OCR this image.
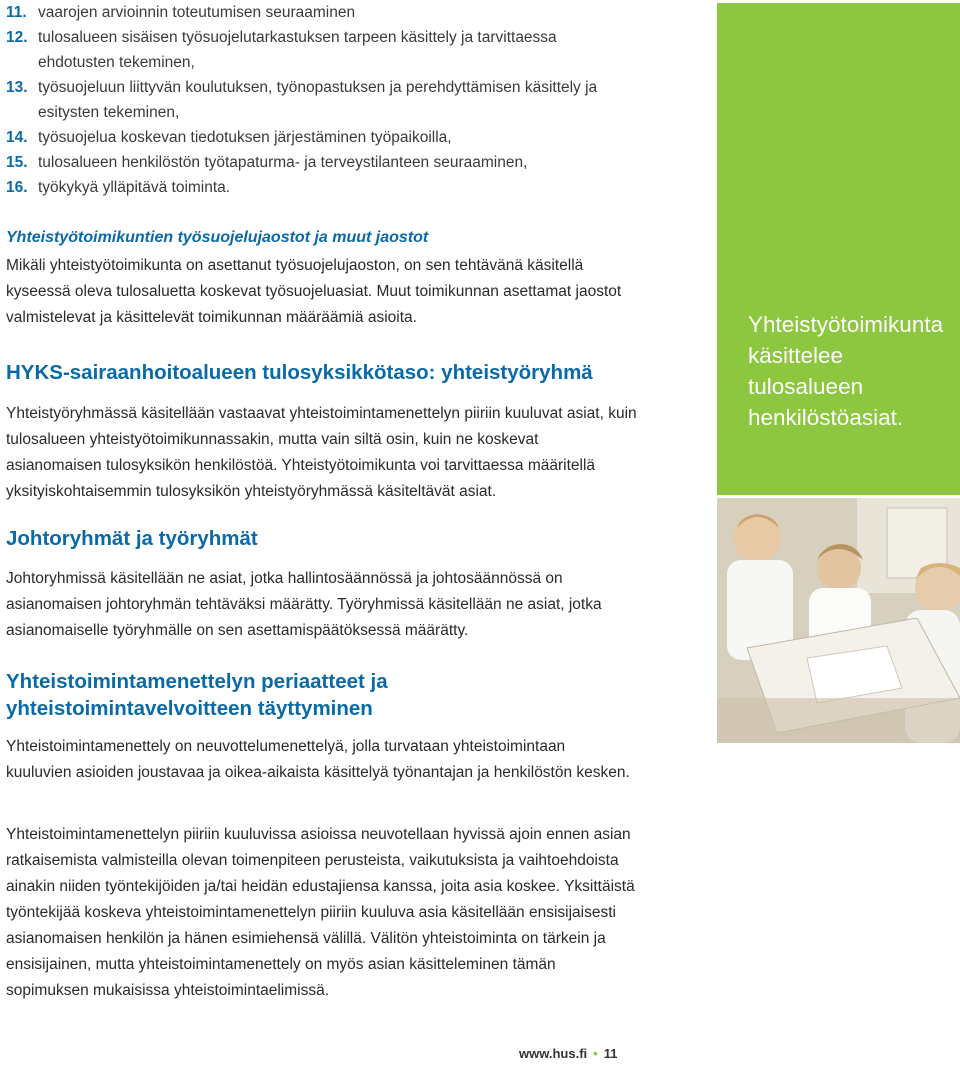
11. vaarojen arvioinnin toteutumisen seuraaminen
12. tulosalueen sisäisen työsuojelutarkastuksen tarpeen käsittely ja tarvittaessa ehdotusten tekeminen,
13. työsuojeluun liittyvän koulutuksen, työnopastuksen ja perehdyttämisen käsittely ja esitysten tekeminen,
14. työsuojelua koskevan tiedotuksen järjestäminen työpaikoilla,
15. tulosalueen henkilöstön työtapaturma- ja terveystilanteen seuraaminen,
16. työkykyä ylläpitävä toiminta.
Yhteistyötoimikuntien työsuojelujaostot ja muut jaostot
Mikäli yhteistyötoimikunta on asettanut työsuojelujaoston, on sen tehtävänä käsitellä kyseessä oleva tulosaluetta koskevat työsuojeluasiat. Muut toimikunnan asettamat jaostot valmistelevat ja käsittelevät toimikunnan määräämiä asioita.
HYKS-sairaanhoitoalueen tulosyksikkötaso: yhteistyöryhmä
Yhteistyöryhmässä käsitellään vastaavat yhteistoimintamenettelyn piiriin kuuluvat asiat, kuin tulosalueen yhteistyötoimikunnassakin, mutta vain siltä osin, kuin ne koskevat asianomaisen tulosyksikön henkilöstöä. Yhteistyötoimikunta voi tarvittaessa määritellä yksityiskohtaisemmin tulosyksikön yhteistyöryhmässä käsiteltävät asiat.
Johtoryhmät ja työryhmät
Johtoryhmissä käsitellään ne asiat, jotka hallintosäännössä ja johtosäännössä on asianomaisen johtoryhmän tehtäväksi määrätty. Työryhmissä käsitellään ne asiat, jotka asianomaiselle työryhmälle on sen asettamispäätöksessä määrätty.
Yhteistoimintamenettelyn periaatteet ja
yhteistoimintavelvoitteen täyttyminen
Yhteistoimintamenettely on neuvottelumenettelyä, jolla turvataan yhteistoimintaan kuuluvien asioiden joustavaa ja oikea-aikaista käsittelyä työnantajan ja henkilöstön kesken.
Yhteistoimintamenettelyn piiriin kuuluvissa asioissa neuvotellaan hyvissä ajoin ennen asian ratkaisemista valmisteilla olevan toimenpiteen perusteista, vaikutuksista ja vaihtoehdoista ainakin niiden työntekijöiden ja/tai heidän edustajiensa kanssa, joita asia koskee. Yksittäistä työntekijää koskeva yhteistoimintamenettelyn piiriin kuuluva asia käsitellään ensisijaisesti asianomaisen henkilön ja hänen esimiehensä välillä. Välitön yhteistoiminta on tärkein ja ensisijainen, mutta yhteistoimintamenettely on myös asian käsitteleminen tämän sopimuksen mukaisissa yhteistoimintaelimissä.
Yhteistyötoimikunta käsittelee tulosalueen henkilöstöasiat.
www.hus.fi • 11
